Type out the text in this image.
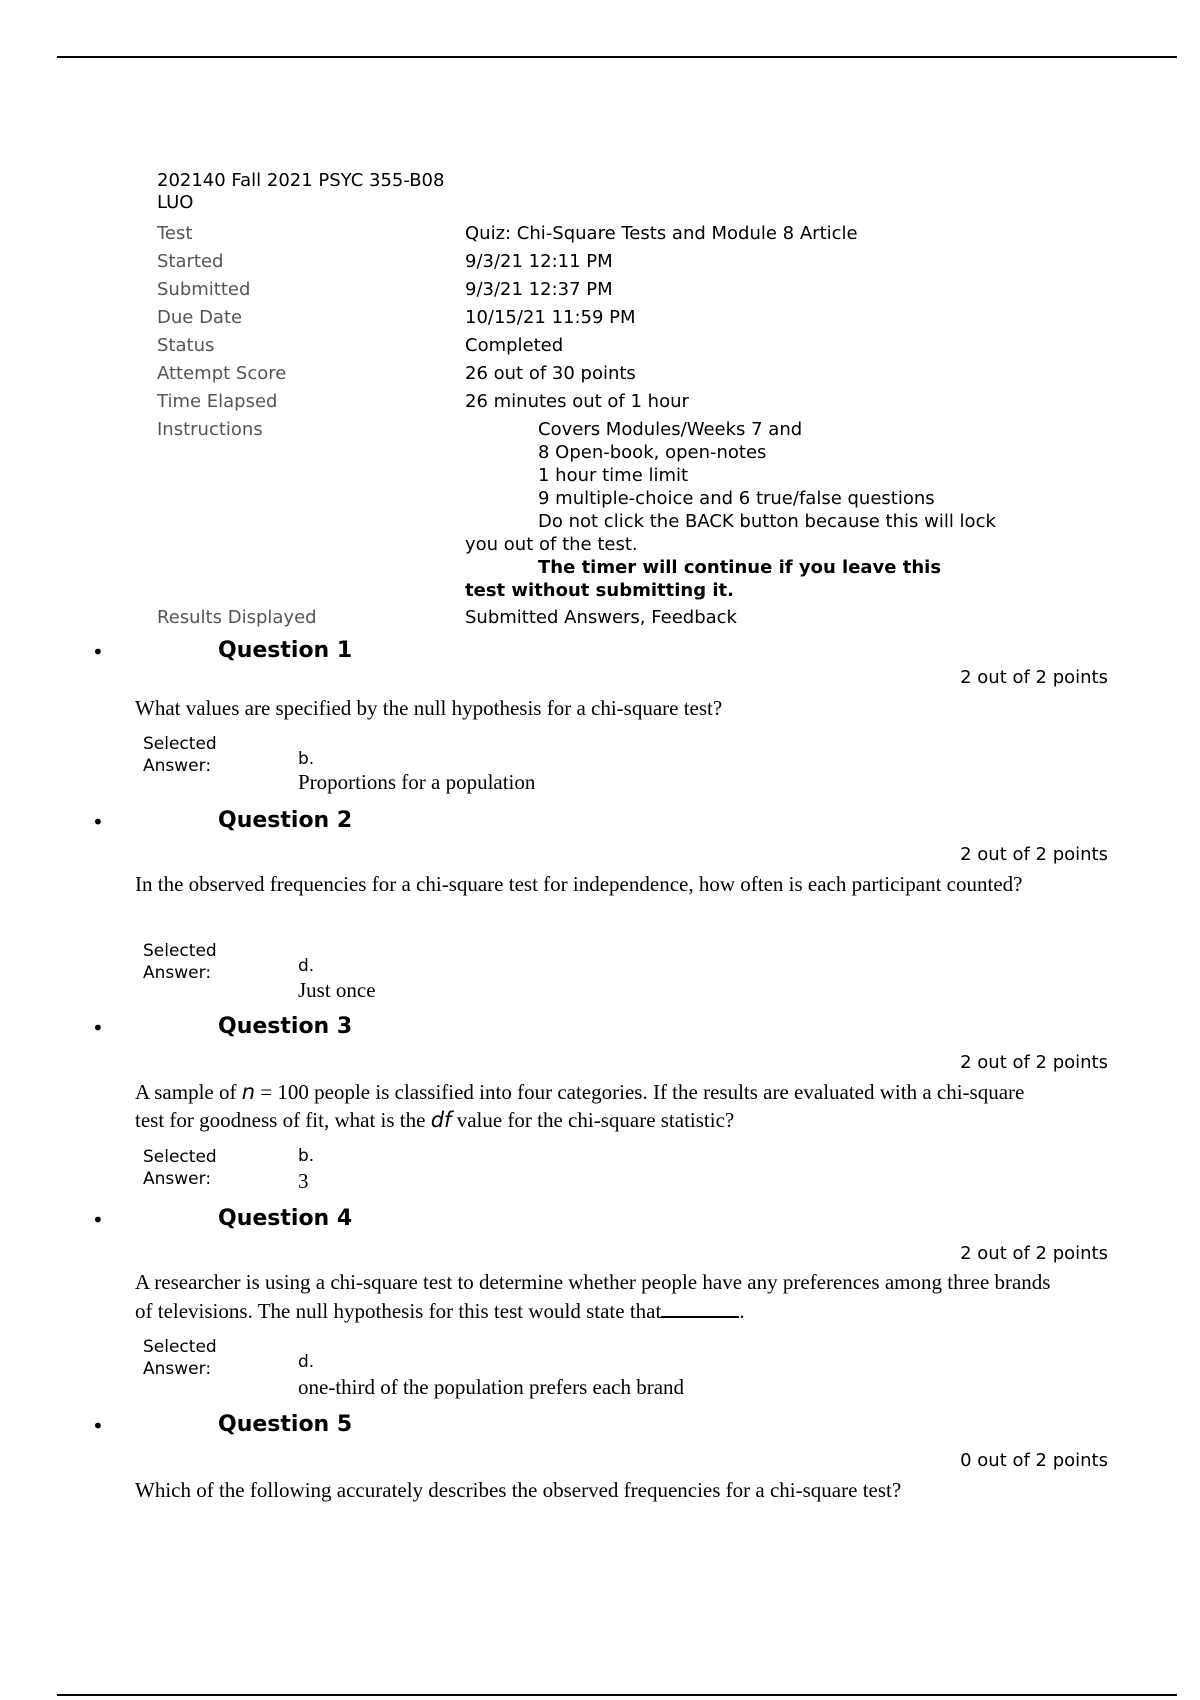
202140 Fall 2021 PSYC 355-B08 LUO
Test	Quiz: Chi-Square Tests and Module 8 Article
Started	9/3/21 12:11 PM
Submitted	9/3/21 12:37 PM
Due Date	10/15/21 11:59 PM
Status	Completed
Attempt Score	26 out of 30 points
Time Elapsed	26 minutes out of 1 hour
Instructions	Covers Modules/Weeks 7 and

8 Open-book, open-notes

1 hour time limit

9 multiple-choice and 6 true/false questions

Do not click the BACK button because this will lock

you out of the test.

The timer will continue if you leave this

test without submitting it.

Results Displayed	Submitted Answers, Feedback
•	Question 1
2 out of 2 points
What values are specified by the null hypothesis for a chi-square test?
Selected
Answer:	b.
Proportions for a population
•	Question 2
2 out of 2 points
In the observed frequencies for a chi-square test for independence, how often is each participant counted?
Selected
Answer:	d.
Just once
•	Question 3
2 out of 2 points
A sample of n = 100 people is classified into four categories. If the results are evaluated with a chi-square test for goodness of fit, what is the df value for the chi-square statistic?
Selected
Answer:
b.
3
•	Question 4
2 out of 2 points
A researcher is using a chi-square test to determine whether people have any preferences among three brands of televisions. The null hypothesis for this test would state that	.
Selected
Answer:	d.
one-third of the population prefers each brand
•	Question 5
0 out of 2 points
Which of the following accurately describes the observed frequencies for a chi-square test?
